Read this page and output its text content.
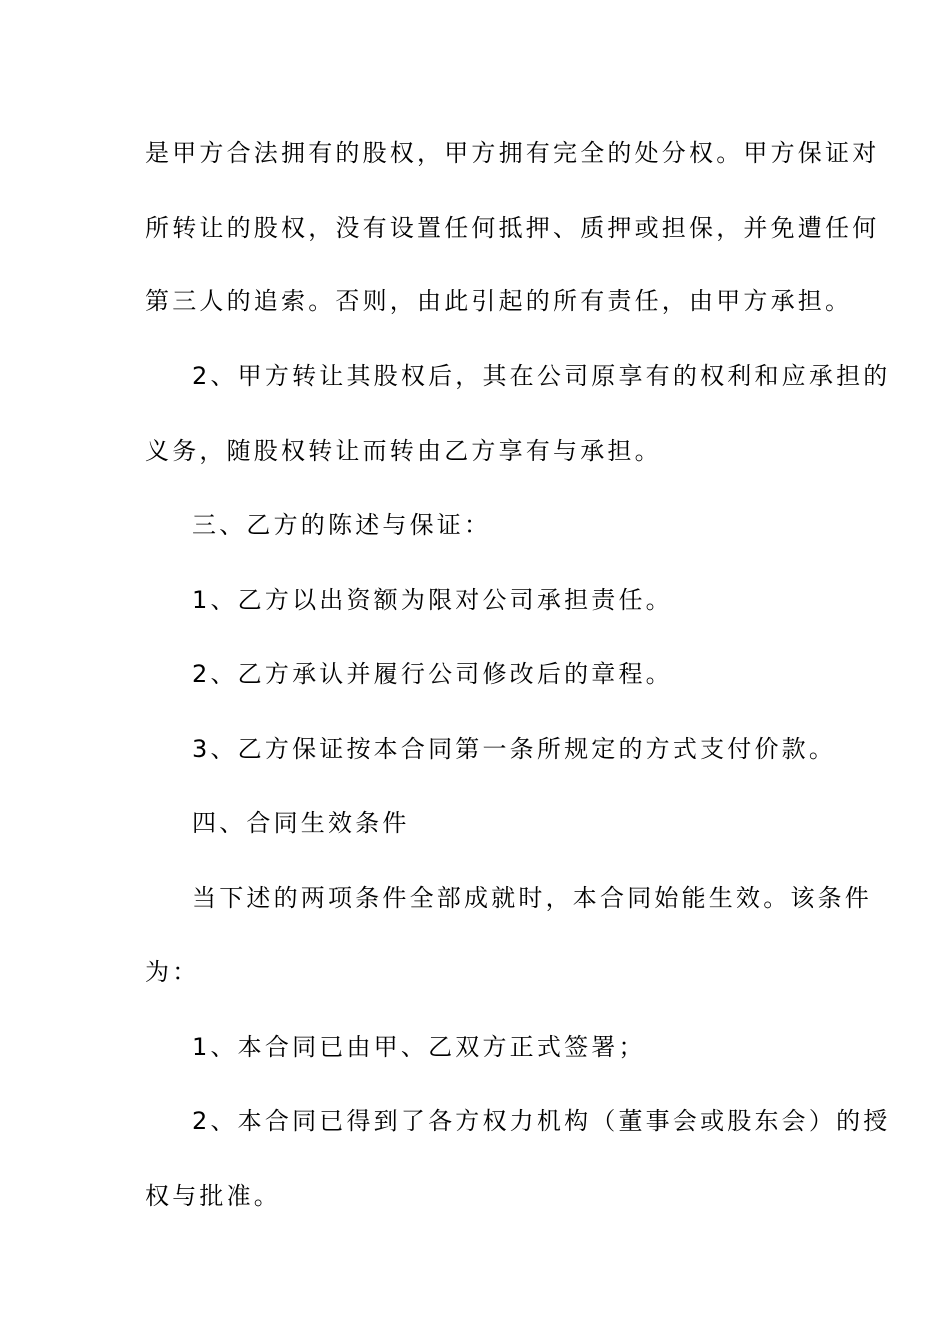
是甲方合法拥有的股权，甲方拥有完全的处分权。甲方保证对
所转让的股权，没有设置任何抵押、质押或担保，并免遭任何
第三人的追索。否则，由此引起的所有责任，由甲方承担。
2、甲方转让其股权后，其在公司原享有的权利和应承担的
义务，随股权转让而转由乙方享有与承担。
三、乙方的陈述与保证：
1、乙方以出资额为限对公司承担责任。
2、乙方承认并履行公司修改后的章程。
3、乙方保证按本合同第一条所规定的方式支付价款。
四、合同生效条件
当下述的两项条件全部成就时，本合同始能生效。该条件
为：
1、本合同已由甲、乙双方正式签署；
2、本合同已得到了各方权力机构（董事会或股东会）的授
权与批准。
